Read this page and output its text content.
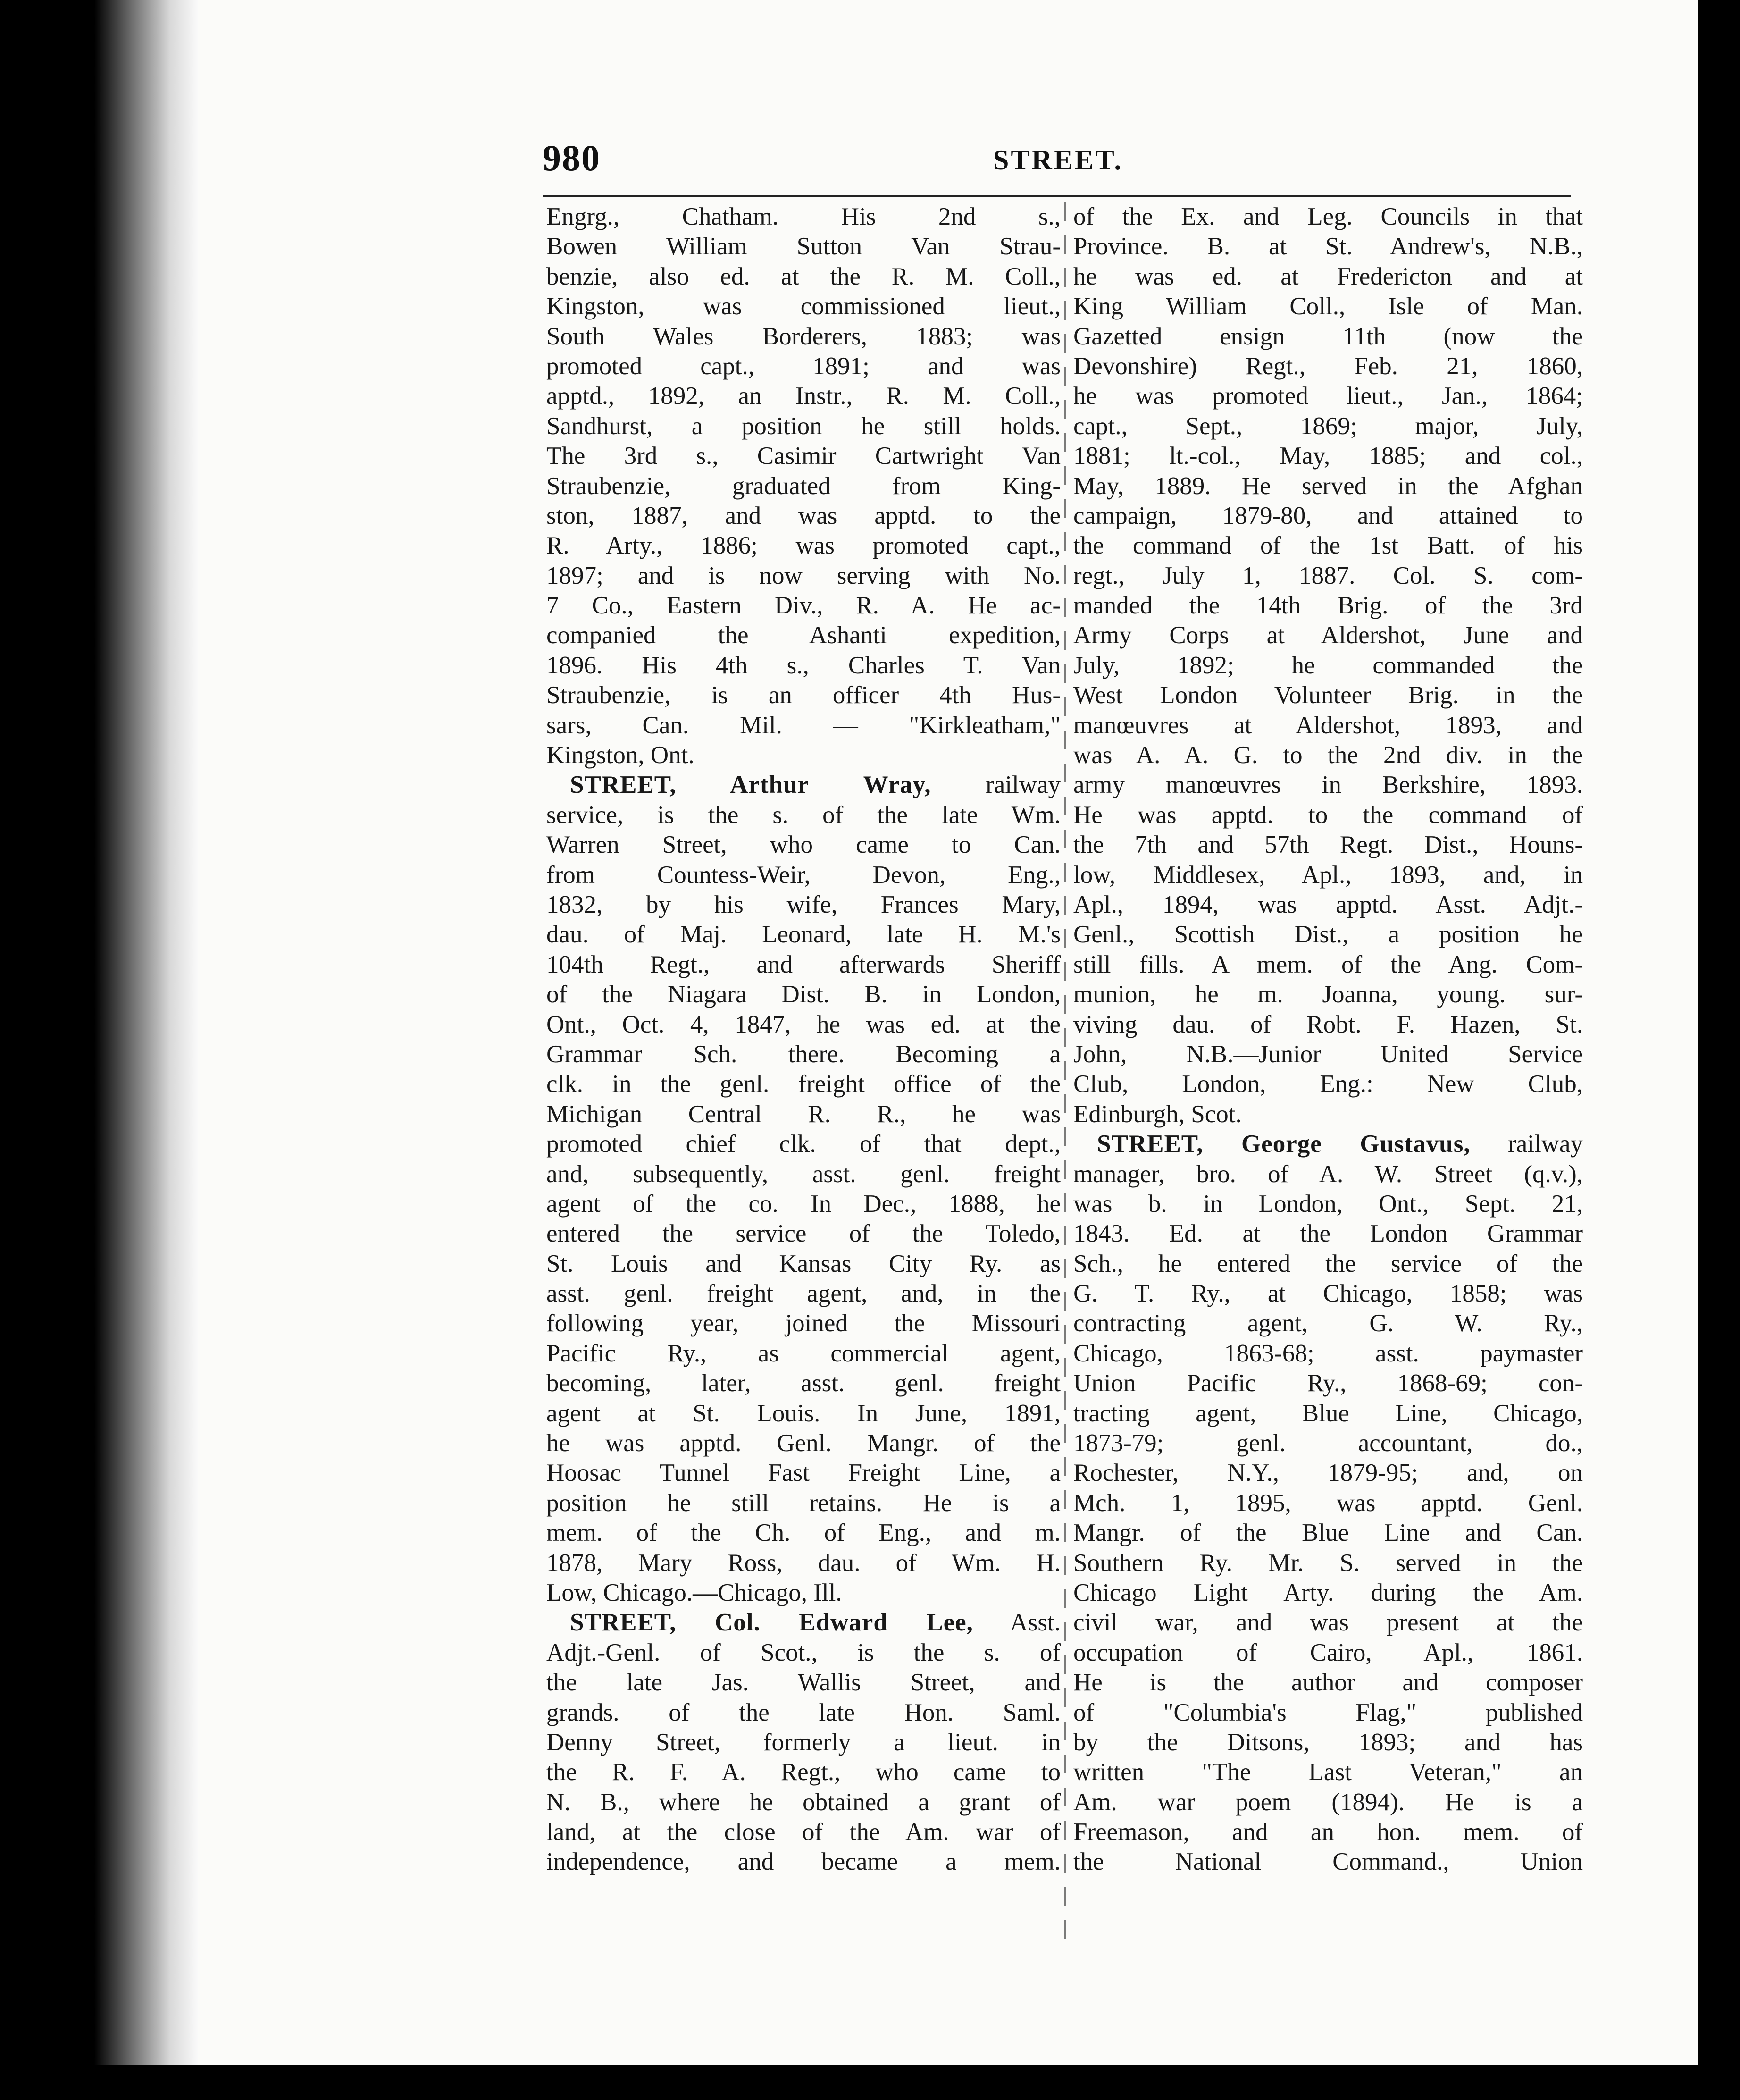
980	STREET.
Engrg., Chatham. His 2nd s.,
Bowen William Sutton Van Strau-
benzie, also ed. at the R. M. Coll.,
Kingston, was commissioned lieut.,
South Wales Borderers, 1883; was
promoted capt., 1891; and was
apptd., 1892, an Instr., R. M. Coll.,
Sandhurst, a position he still holds.
The 3rd s., Casimir Cartwright Van
Straubenzie, graduated from King-
ston, 1887, and was apptd. to the
R. Arty., 1886; was promoted capt.,
1897; and is now serving with No.
7 Co., Eastern Div., R. A. He ac-
companied the Ashanti expedition,
1896. His 4th s., Charles T. Van
Straubenzie, is an officer 4th Hus-
sars, Can. Mil. — "Kirkleatham,"
Kingston, Ont.
STREET, Arthur Wray, railway
service, is the s. of the late Wm.
Warren Street, who came to Can.
from Countess-Weir, Devon, Eng.,
1832, by his wife, Frances Mary,
dau. of Maj. Leonard, late H. M.'s
104th Regt., and afterwards Sheriff
of the Niagara Dist. B. in London,
Ont., Oct. 4, 1847, he was ed. at the
Grammar Sch. there. Becoming a
clk. in the genl. freight office of the
Michigan Central R. R., he was
promoted chief clk. of that dept.,
and, subsequently, asst. genl. freight
agent of the co. In Dec., 1888, he
entered the service of the Toledo,
St. Louis and Kansas City Ry. as
asst. genl. freight agent, and, in the
following year, joined the Missouri
Pacific Ry., as commercial agent,
becoming, later, asst. genl. freight
agent at St. Louis. In June, 1891,
he was apptd. Genl. Mangr. of the
Hoosac Tunnel Fast Freight Line, a
position he still retains. He is a
mem. of the Ch. of Eng., and m.
1878, Mary Ross, dau. of Wm. H.
Low, Chicago.—Chicago, Ill.
STREET, Col. Edward Lee, Asst.
Adjt.-Genl. of Scot., is the s. of
the late Jas. Wallis Street, and
grands. of the late Hon. Saml.
Denny Street, formerly a lieut. in
the R. F. A. Regt., who came to
N. B., where he obtained a grant of
land, at the close of the Am. war of
independence, and became a mem.
of the Ex. and Leg. Councils in that
Province. B. at St. Andrew's, N.B.,
he was ed. at Fredericton and at
King William Coll., Isle of Man.
Gazetted ensign 11th (now the
Devonshire) Regt., Feb. 21, 1860,
he was promoted lieut., Jan., 1864;
capt., Sept., 1869; major, July,
1881; lt.-col., May, 1885; and col.,
May, 1889. He served in the Afghan
campaign, 1879-80, and attained to
the command of the 1st Batt. of his
regt., July 1, 1887. Col. S. com-
manded the 14th Brig. of the 3rd
Army Corps at Aldershot, June and
July, 1892; he commanded the
West London Volunteer Brig. in the
manœuvres at Aldershot, 1893, and
was A. A. G. to the 2nd div. in the
army manœuvres in Berkshire, 1893.
He was apptd. to the command of
the 7th and 57th Regt. Dist., Houns-
low, Middlesex, Apl., 1893, and, in
Apl., 1894, was apptd. Asst. Adjt.-
Genl., Scottish Dist., a position he
still fills. A mem. of the Ang. Com-
munion, he m. Joanna, young. sur-
viving dau. of Robt. F. Hazen, St.
John, N.B.—Junior United Service
Club, London, Eng.: New Club,
Edinburgh, Scot.
STREET, George Gustavus, railway
manager, bro. of A. W. Street (q.v.),
was b. in London, Ont., Sept. 21,
1843. Ed. at the London Grammar
Sch., he entered the service of the
G. T. Ry., at Chicago, 1858; was
contracting agent, G. W. Ry.,
Chicago, 1863-68; asst. paymaster
Union Pacific Ry., 1868-69; con-
tracting agent, Blue Line, Chicago,
1873-79; genl. accountant, do.,
Rochester, N.Y., 1879-95; and, on
Mch. 1, 1895, was apptd. Genl.
Mangr. of the Blue Line and Can.
Southern Ry. Mr. S. served in the
Chicago Light Arty. during the Am.
civil war, and was present at the
occupation of Cairo, Apl., 1861.
He is the author and composer
of "Columbia's Flag," published
by the Ditsons, 1893; and has
written "The Last Veteran," an
Am. war poem (1894). He is a
Freemason, and an hon. mem. of
the National Command., Union
